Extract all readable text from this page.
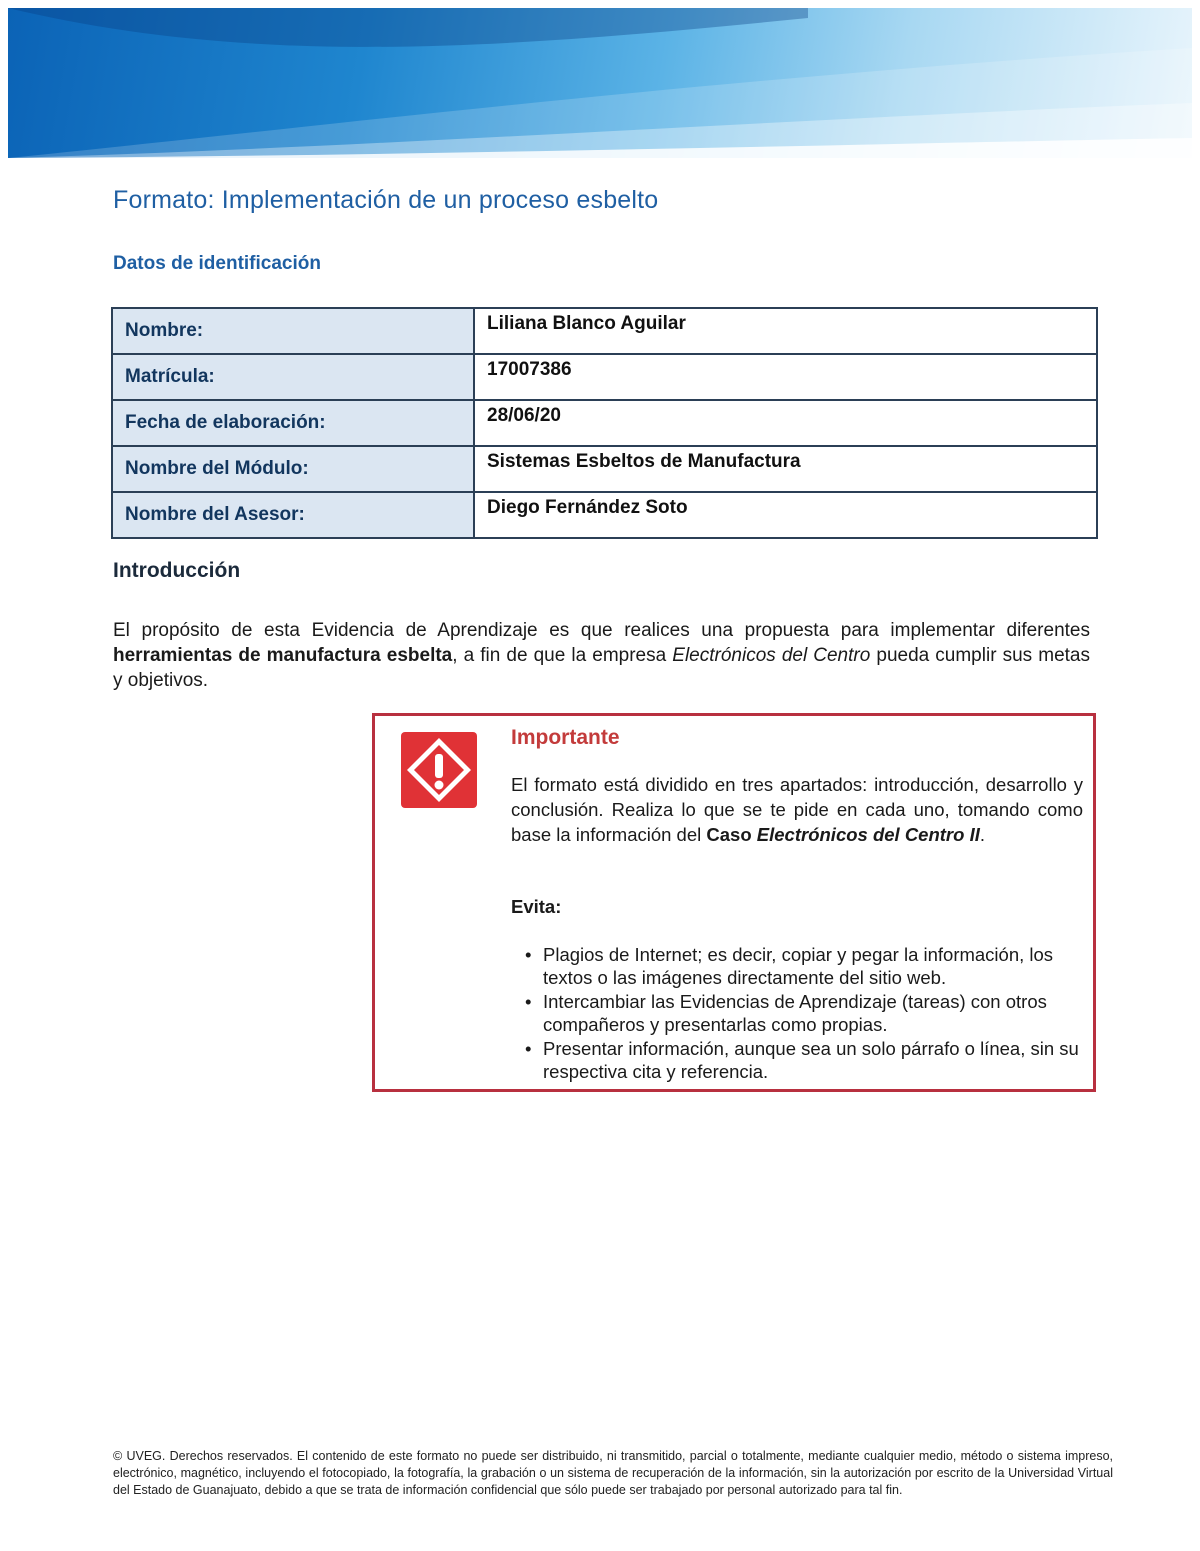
Formato: Implementación de un proceso esbelto
Datos de identificación
Nombre:	Liliana Blanco Aguilar
Matrícula:	17007386
Fecha de elaboración:	28/06/20
Nombre del Módulo:	Sistemas Esbeltos de Manufactura
Nombre del Asesor:	Diego Fernández Soto
Introducción
El propósito de esta Evidencia de Aprendizaje es que realices una propuesta para implementar diferentes herramientas de manufactura esbelta, a fin de que la empresa Electrónicos del Centro pueda cumplir sus metas y objetivos.
Importante
El formato está dividido en tres apartados: introducción, desarrollo y conclusión. Realiza lo que se te pide en cada uno, tomando como base la información del Caso Electrónicos del Centro II.
Evita:
• Plagios de Internet; es decir, copiar y pegar la información, los textos o las imágenes directamente del sitio web.
• Intercambiar las Evidencias de Aprendizaje (tareas) con otros compañeros y presentarlas como propias.
• Presentar información, aunque sea un solo párrafo o línea, sin su respectiva cita y referencia.
© UVEG. Derechos reservados. El contenido de este formato no puede ser distribuido, ni transmitido, parcial o totalmente, mediante cualquier medio, método o sistema impreso, electrónico, magnético, incluyendo el fotocopiado, la fotografía, la grabación o un sistema de recuperación de la información, sin la autorización por escrito de la Universidad Virtual del Estado de Guanajuato, debido a que se trata de información confidencial que sólo puede ser trabajado por personal autorizado para tal fin.
